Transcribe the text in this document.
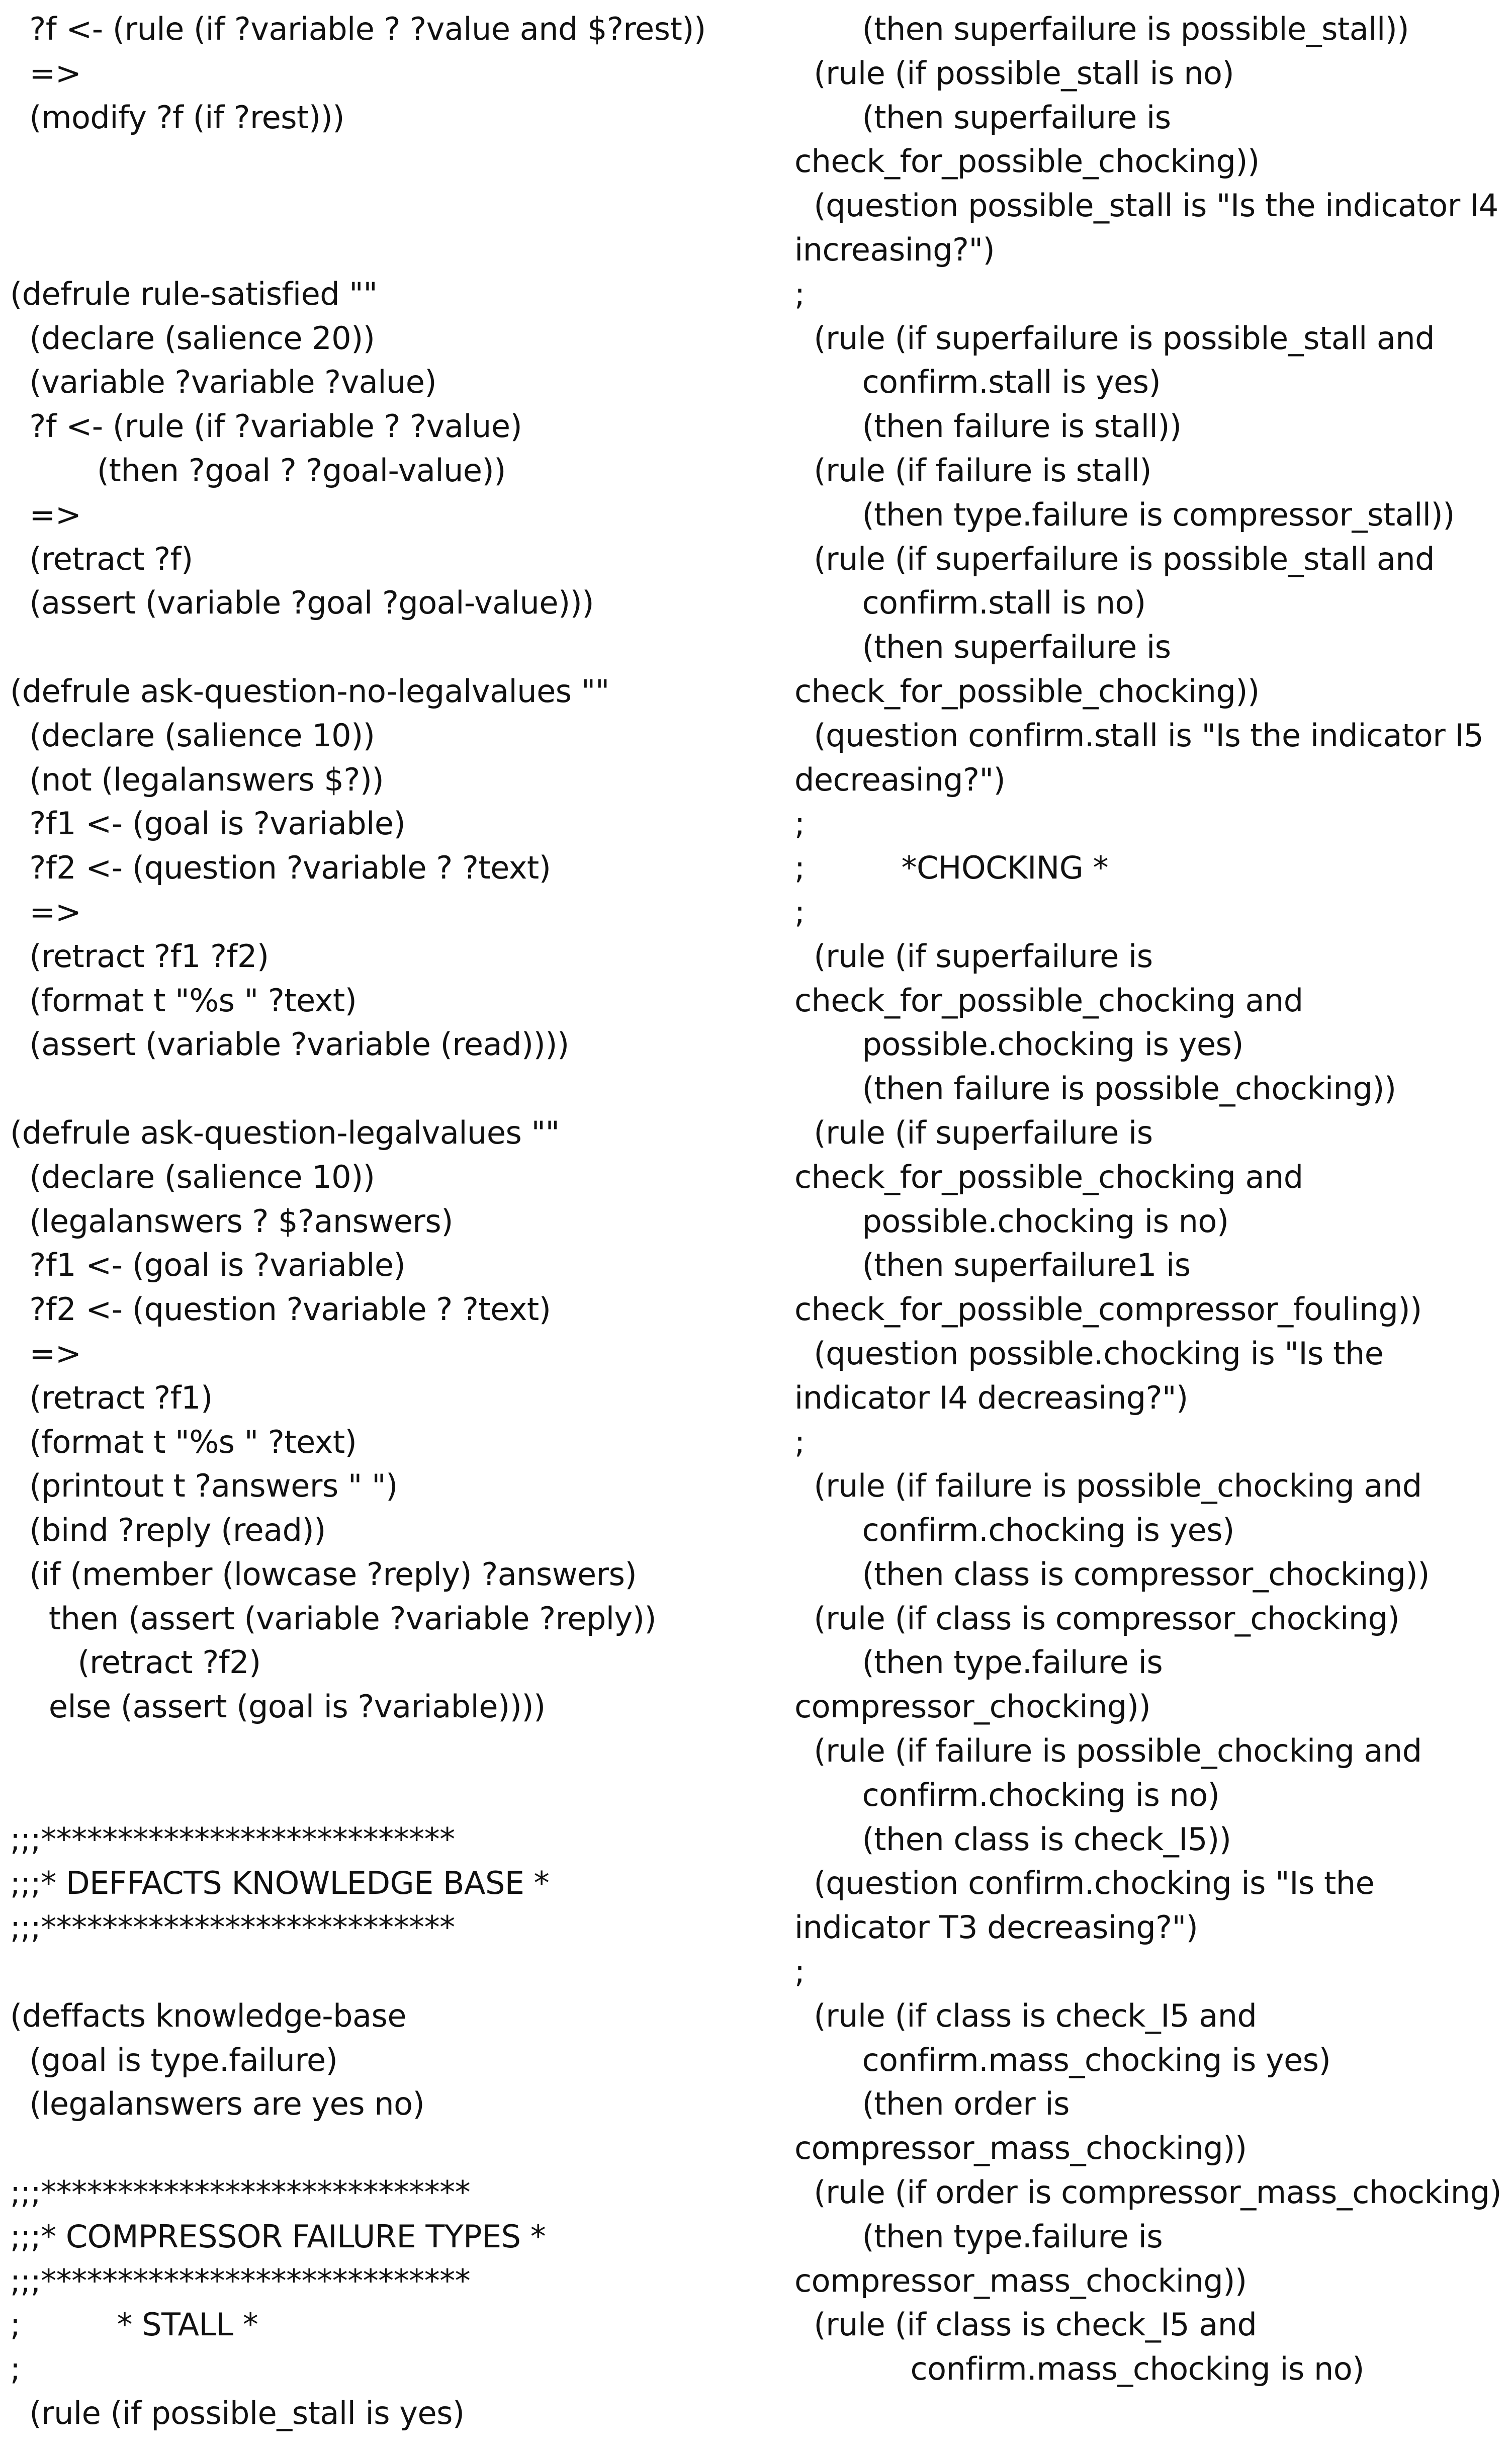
?f <- (rule (if ?variable ? ?value and $?rest))
=>
(modify ?f (if ?rest)))
(defrule rule-satisfied ""
(declare (salience 20))
(variable ?variable ?value)
?f <- (rule (if ?variable ? ?value)
(then ?goal ? ?goal-value))
=>
(retract ?f)
(assert (variable ?goal ?goal-value)))
(defrule ask-question-no-legalvalues ""
(declare (salience 10))
(not (legalanswers $?))
?f1 <- (goal is ?variable)
?f2 <- (question ?variable ? ?text)
=>
(retract ?f1 ?f2)
(format t "%s " ?text)
(assert (variable ?variable (read))))
(defrule ask-question-legalvalues ""
(declare (salience 10))
(legalanswers ? $?answers)
?f1 <- (goal is ?variable)
?f2 <- (question ?variable ? ?text)
=>
(retract ?f1)
(format t "%s " ?text)
(printout t ?answers " ")
(bind ?reply (read))
(if (member (lowcase ?reply) ?answers)
then (assert (variable ?variable ?reply))
(retract ?f2)
else (assert (goal is ?variable))))
;;;***************************
;;;* DEFFACTS KNOWLEDGE BASE *
;;;***************************
(deffacts knowledge-base
(goal is type.failure)
(legalanswers are yes no)
;;;****************************
;;;* COMPRESSOR FAILURE TYPES *
;;;****************************
;          * STALL *
;
(rule (if possible_stall is yes)
(then superfailure is possible_stall))
(rule (if possible_stall is no)
(then superfailure is
check_for_possible_chocking))
(question possible_stall is "Is the indicator I4
increasing?")
;
(rule (if superfailure is possible_stall and
confirm.stall is yes)
(then failure is stall))
(rule (if failure is stall)
(then type.failure is compressor_stall))
(rule (if superfailure is possible_stall and
confirm.stall is no)
(then superfailure is
check_for_possible_chocking))
(question confirm.stall is "Is the indicator I5
decreasing?")
;
;          *CHOCKING *
;
(rule (if superfailure is
check_for_possible_chocking and
possible.chocking is yes)
(then failure is possible_chocking))
(rule (if superfailure is
check_for_possible_chocking and
possible.chocking is no)
(then superfailure1 is
check_for_possible_compressor_fouling))
(question possible.chocking is "Is the
indicator I4 decreasing?")
;
(rule (if failure is possible_chocking and
confirm.chocking is yes)
(then class is compressor_chocking))
(rule (if class is compressor_chocking)
(then type.failure is
compressor_chocking))
(rule (if failure is possible_chocking and
confirm.chocking is no)
(then class is check_I5))
(question confirm.chocking is "Is the
indicator T3 decreasing?")
;
(rule (if class is check_I5 and
confirm.mass_chocking is yes)
(then order is
compressor_mass_chocking))
(rule (if order is compressor_mass_chocking)
(then type.failure is
compressor_mass_chocking))
(rule (if class is check_I5 and
confirm.mass_chocking is no)
